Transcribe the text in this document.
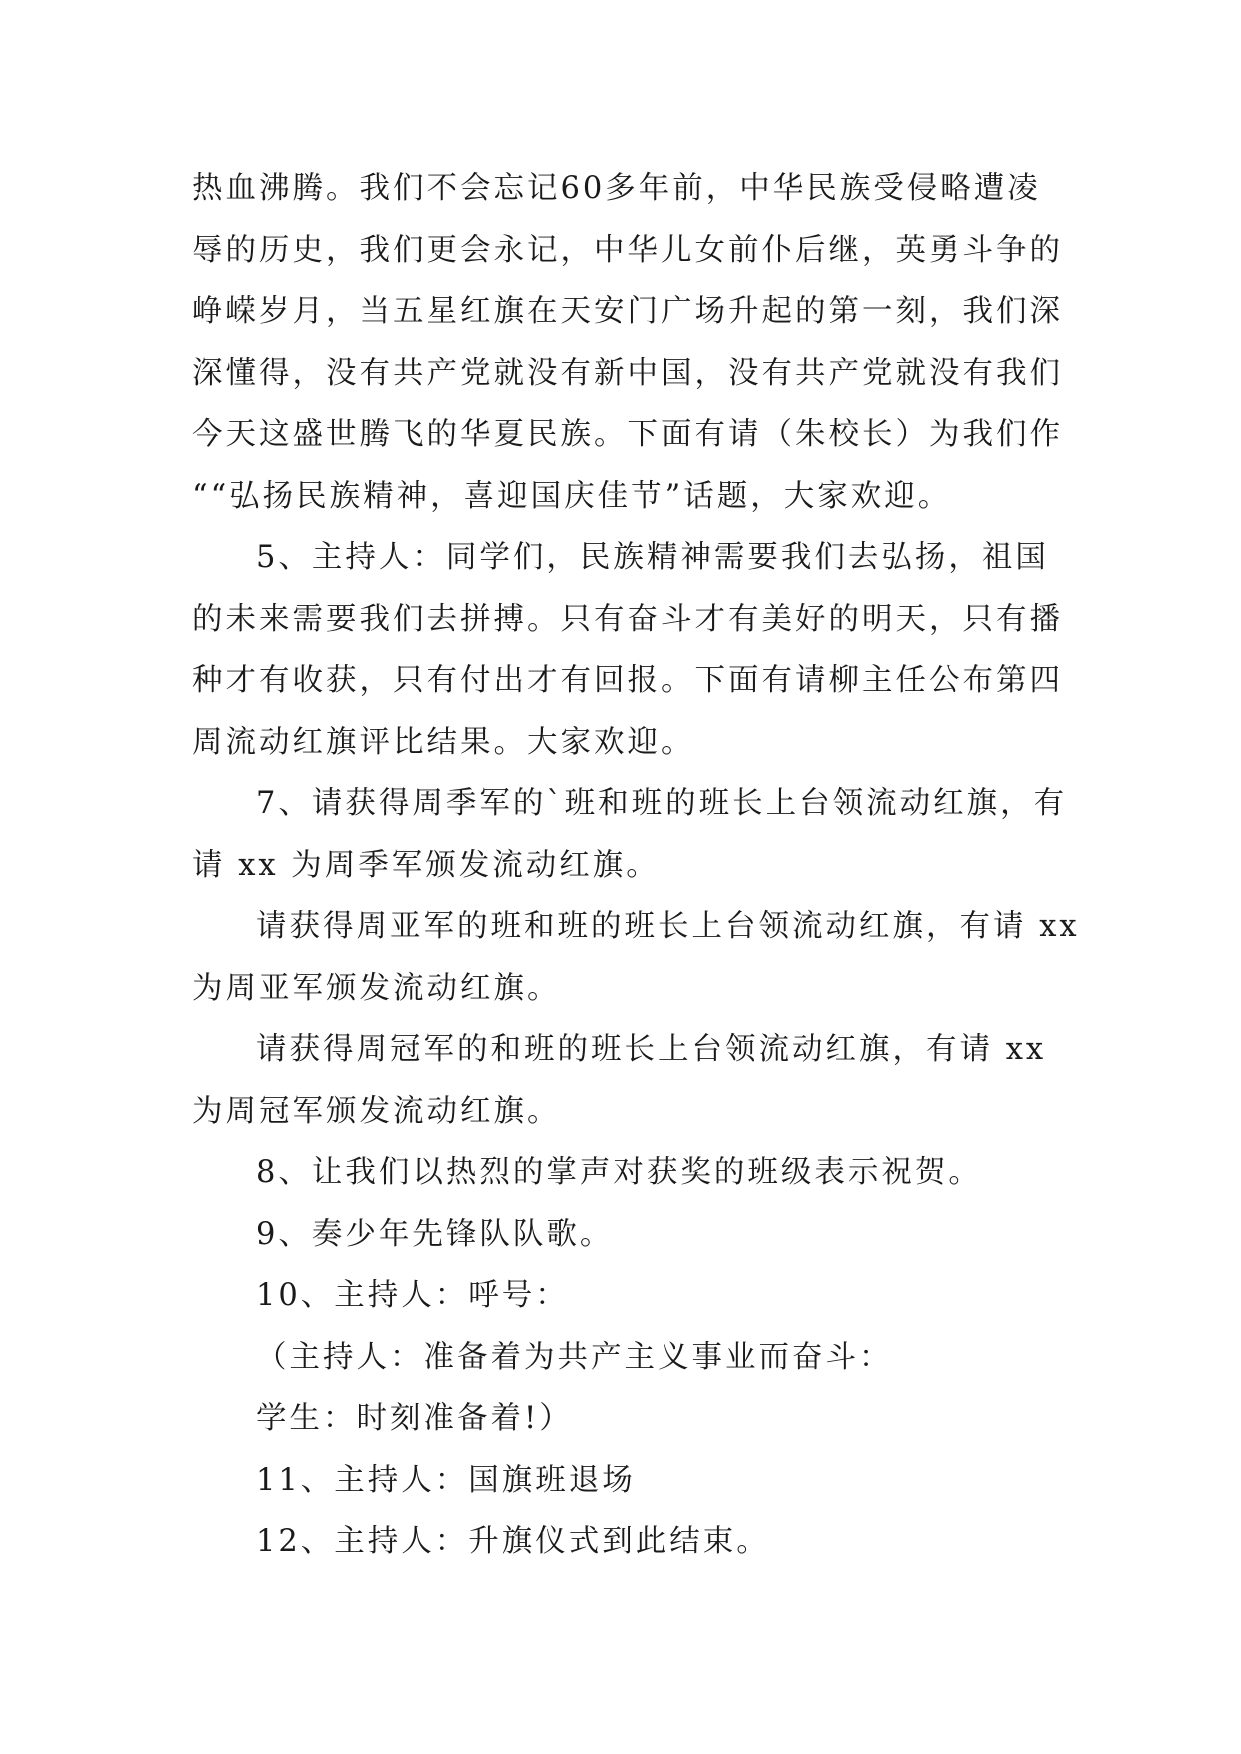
热血沸腾。我们不会忘记60多年前，中华民族受侵略遭凌

辱的历史，我们更会永记，中华儿女前仆后继，英勇斗争的

峥嵘岁月，当五星红旗在天安门广场升起的第一刻，我们深

深懂得，没有共产党就没有新中国，没有共产党就没有我们

今天这盛世腾飞的华夏民族。下面有请（朱校长）为我们作

““弘扬民族精神，喜迎国庆佳节”话题，大家欢迎。

5、主持人：同学们，民族精神需要我们去弘扬，祖国

的未来需要我们去拼搏。只有奋斗才有美好的明天，只有播

种才有收获，只有付出才有回报。下面有请柳主任公布第四

周流动红旗评比结果。大家欢迎。

7、请获得周季军的`班和班的班长上台领流动红旗，有

请 xx 为周季军颁发流动红旗。

请获得周亚军的班和班的班长上台领流动红旗，有请 xx

为周亚军颁发流动红旗。

请获得周冠军的和班的班长上台领流动红旗，有请 xx

为周冠军颁发流动红旗。

8、让我们以热烈的掌声对获奖的班级表示祝贺。

9、奏少年先锋队队歌。

10、主持人：呼号：

（主持人：准备着为共产主义事业而奋斗：

学生：时刻准备着!）

11、主持人：国旗班退场

12、主持人：升旗仪式到此结束。
